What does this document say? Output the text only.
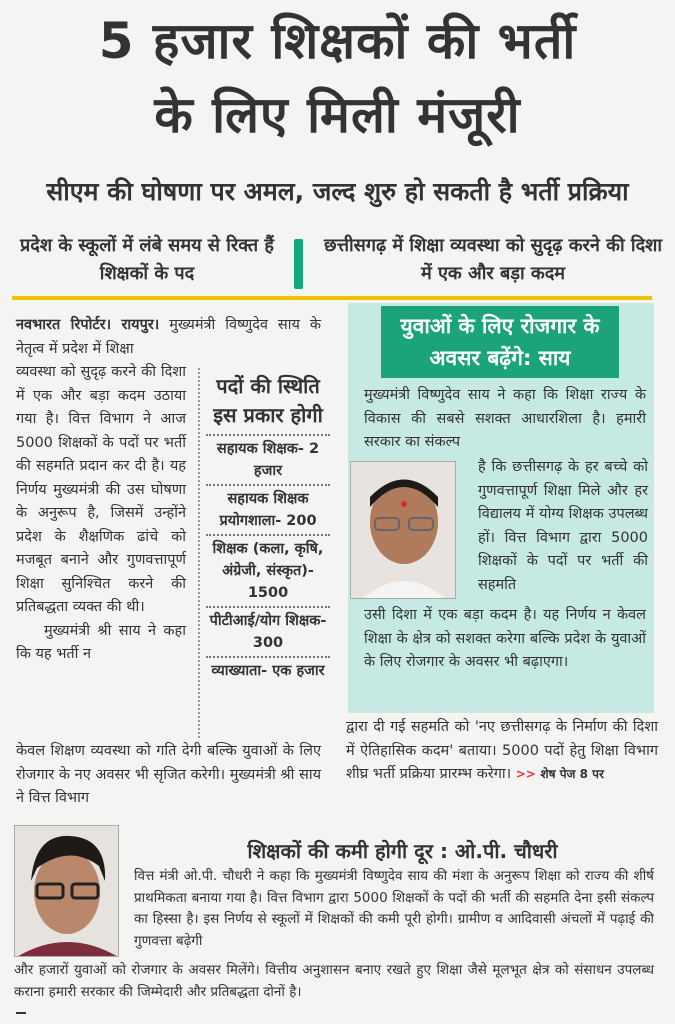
5 हजार शिक्षकों की भर्ती
के लिए मिली मंजूरी
सीएम की घोषणा पर अमल, जल्द शुरु हो सकती है भर्ती प्रक्रिया
प्रदेश के स्कूलों में लंबे समय से रिक्त हैं शिक्षकों के पद
छत्तीसगढ़ में शिक्षा व्यवस्था को सुदृढ़ करने की दिशा में एक और बड़ा कदम
नवभारत रिपोर्टर। रायपुर। मुख्यमंत्री विष्णुदेव साय के नेतृत्व में प्रदेश में शिक्षा

व्यवस्था को सुदृढ़ करने की दिशा में एक और बड़ा कदम उठाया गया है। वित्त विभाग ने आज 5000 शिक्षकों के पदों पर भर्ती की सहमति प्रदान कर दी है। यह निर्णय मुख्यमंत्री की उस घोषणा के अनुरूप है, जिसमें उन्होंने प्रदेश के शैक्षणिक ढांचे को मजबूत बनाने और गुणवत्तापूर्ण शिक्षा सुनिश्चित करने की प्रतिबद्धता व्यक्त की थी।

मुख्यमंत्री श्री साय ने कहा कि यह भर्ती न

पदों की स्थिति इस प्रकार होगी
सहायक शिक्षक- 2 हजार
सहायक शिक्षक प्रयोगशाला- 200
शिक्षक (कला, कृषि, अंग्रेजी, संस्कृत)- 1500
पीटीआई/योग शिक्षक- 300
व्याख्याता- एक हजार
केवल शिक्षण व्यवस्था को गति देगी बल्कि युवाओं के लिए रोजगार के नए अवसर भी सृजित करेगी। मुख्यमंत्री श्री साय ने वित्त विभाग
युवाओं के लिए रोजगार के अवसर बढ़ेंगे: साय
मुख्यमंत्री विष्णुदेव साय ने कहा कि शिक्षा राज्य के विकास की सबसे सशक्त आधारशिला है। हमारी सरकार का संकल्प
है कि छत्तीसगढ़ के हर बच्चे को गुणवत्तापूर्ण शिक्षा मिले और हर विद्यालय में योग्य शिक्षक उपलब्ध हों। वित्त विभाग द्वारा 5000 शिक्षकों के पदों पर भर्ती की सहमति
उसी दिशा में एक बड़ा कदम है। यह निर्णय न केवल शिक्षा के क्षेत्र को सशक्त करेगा बल्कि प्रदेश के युवाओं के लिए रोजगार के अवसर भी बढ़ाएगा।
द्वारा दी गई सहमति को 'नए छत्तीसगढ़ के निर्माण की दिशा में ऐतिहासिक कदम' बताया। 5000 पदों हेतु शिक्षा विभाग शीघ्र भर्ती प्रक्रिया प्रारम्भ करेगा। >> शेष पेज 8 पर
शिक्षकों की कमी होगी दूर : ओ.पी. चौधरी

वित्त मंत्री ओ.पी. चौधरी ने कहा कि मुख्यमंत्री विष्णुदेव साय की मंशा के अनुरूप शिक्षा को राज्य की शीर्ष प्राथमिकता बनाया गया है। वित्त विभाग द्वारा 5000 शिक्षकों के पदों की भर्ती की सहमति देना इसी संकल्प का हिस्सा है। इस निर्णय से स्कूलों में शिक्षकों की कमी पूरी होगी। ग्रामीण व आदिवासी अंचलों में पढ़ाई की गुणवत्ता बढ़ेगी

और हजारों युवाओं को रोजगार के अवसर मिलेंगे। वित्तीय अनुशासन बनाए रखते हुए शिक्षा जैसे मूलभूत क्षेत्र को संसाधन उपलब्ध कराना हमारी सरकार की जिम्मेदारी और प्रतिबद्धता दोनों है।
